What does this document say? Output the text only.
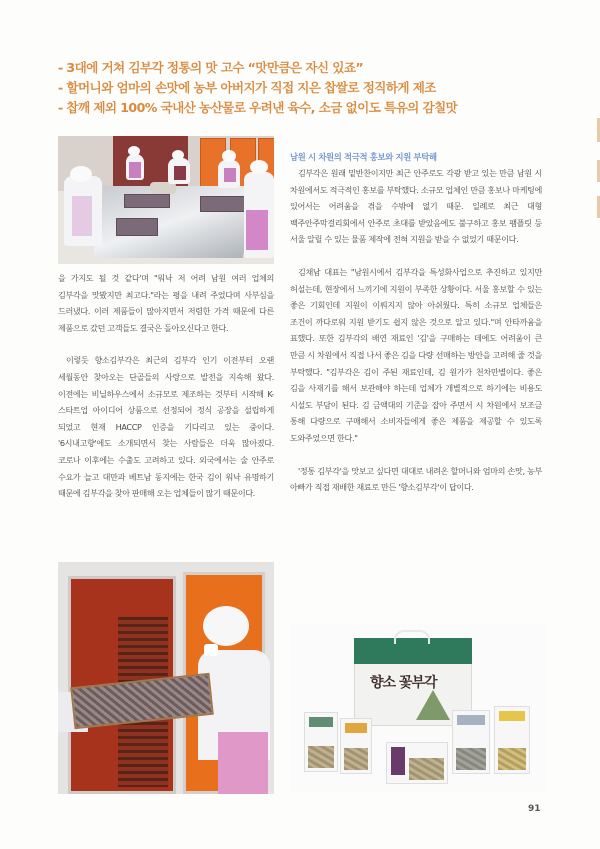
- 3대에 거쳐 김부각 정통의 맛 고수 “맛만큼은 자신 있죠”
- 할머니와 엄마의 손맛에 농부 아버지가 직접 지은 찹쌀로 정직하게 제조
- 찹깨 제외 100% 국내산 농산물로 우려낸 육수, 소금 없이도 특유의 감칠맛

을 가지도 될 것 같다'며 "워낙 저 어려 남원 여러 업체의 김부각을 맛봤지만 최고다."라는 평을 내려 주었다며 사부심을 드러냈다. 이러 제품들이 많아지면서 저렴한 가격 때문에 다른 제품으로 갔던 고객들도 결국은 돌아오신다고 한다.

이렇듯 향소김부각은 최근의 김부각 인기 이전부터 오랜 세월동안 찾아오는 단골들의 사랑으로 발전을 지속해 왔다. 이전에는 비닐하우스에서 소규모로 제조하는 것부터 시작해 K-스타트업 아이디어 상품으로 선정되어 정식 공장을 설립하게 되었고 현재 HACCP 인증을 기다리고 있는 중이다. '6시내고향'에도 소개되면서 찾는 사람들은 더욱 많아졌다. 코로나 이후에는 수출도 고려하고 있다. 외국에서는 술 안주로 수요가 늘고 대만과 베트남 동지에는 한국 김이 워낙 유명하기 때문에 김부각을 찾아 판매해 오는 업체들이 많기 때문이다.

남원 시 차원의 적극적 홍보와 지원 부탁해

김부각은 원래 밑반찬이지만 최근 안주로도 각광 받고 있는 만큼 남원 시 차원에서도 적극적인 홍보를 부탁했다. 소규모 업체인 만큼 홍보나 마케팅에 있어서는 어려움을 겪을 수밖에 없기 때문. 일례로 최근 대형 백주안주막걸리회에서 안주로 초대를 받았음에도 불구하고 홍보 팸플릿 등 서울 알릴 수 있는 물품 제작에 전혀 지원을 받을 수 없었기 때문이다.

김채남 대표는 "남원시에서 김부각을 특성화사업으로 추진하고 있지만 허설는데, 현장에서 느끼기에 지원이 부족한 상황이다. 서울 홍보할 수 있는 좋은 기회인데 지원이 이뤄지지 않아 아쉬웠다. 특히 소규모 업체들은 조건이 까다로워 지원 받기도 쉽지 않은 것으로 알고 있다."며 안타까움을 표했다. 또한 김부각의 배연 재료인 '김'을 구매하는 데에도 어려움이 큰 만큼 시 차원에서 직접 나서 좋은 김을 다량 선매하는 방안을 고려해 줄 것을 부탁했다. "김부각은 김이 주된 재료인데, 김 원가가 천차만별이다. 좋은 김을 사재기를 해서 보관해야 하는데 업체가 개별적으로 하기에는 비용도 시설도 부담이 된다. 김 금액대의 기준을 잡아 주면서 시 차원에서 보조금 통해 다량으로 구매해서 소비자들에게 좋은 제품을 제공할 수 있도록 도와주었으면 한다."

'정통 김부각'을 맛보고 싶다면 대대로 내려온 할머니와 엄마의 손맛, 농부 아빠가 직접 재배한 재료로 만든 '향소김부각'이 답이다.

향소 꽃부각
91
